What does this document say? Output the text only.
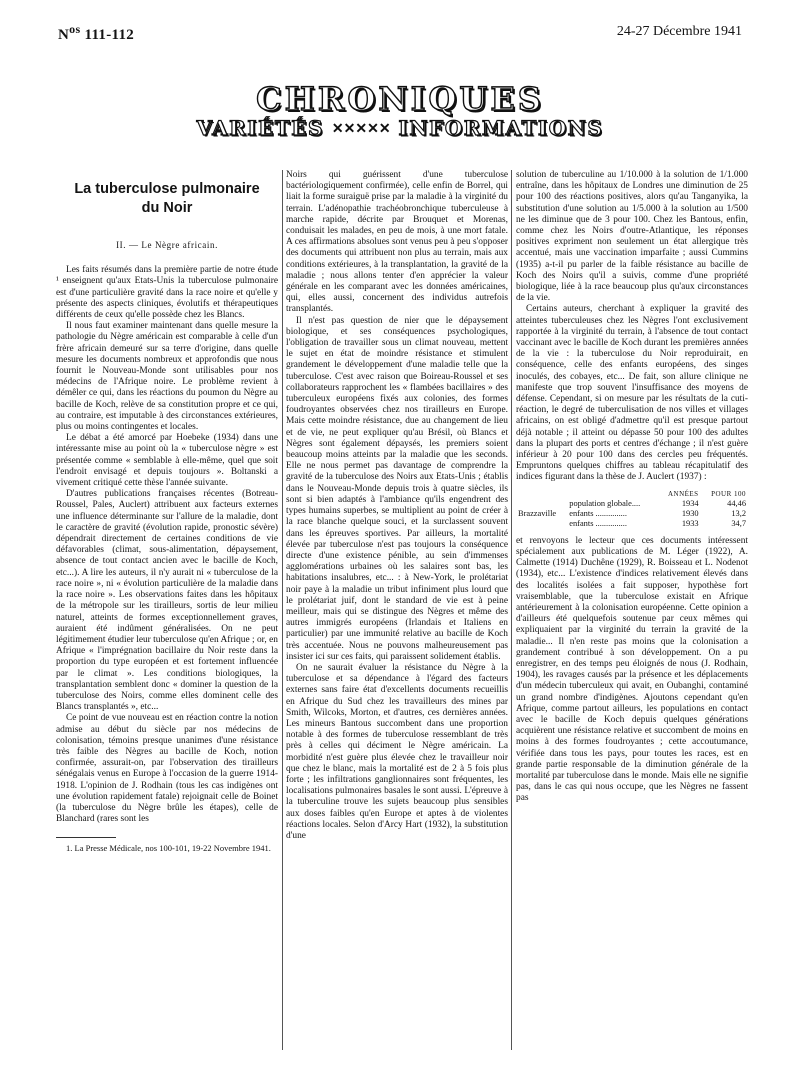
$N^{os}$ 111-112	24-27 Décembre 1941
CHRONIQUES
VARIÉTÉS ✕✕✕✕✕ INFORMATIONS
La tuberculose pulmonaire
du Noir
II. — Le Nègre africain.

Les faits résumés dans la première partie de notre étude ¹ enseignent qu'aux Etats-Unis la tuberculose pulmonaire est d'une particulière gravité dans la race noire et qu'elle y présente des aspects cliniques, évolutifs et thérapeutiques différents de ceux qu'elle possède chez les Blancs.

Il nous faut examiner maintenant dans quelle mesure la pathologie du Nègre américain est comparable à celle d'un frère africain demeuré sur sa terre d'origine, dans quelle mesure les documents nombreux et approfondis que nous fournit le Nouveau-Monde sont utilisables pour nos médecins de l'Afrique noire. Le problème revient à démêler ce qui, dans les réactions du poumon du Nègre au bacille de Koch, relève de sa constitution propre et ce qui, au contraire, est imputable à des circonstances extérieures, plus ou moins contingentes et locales.

Le débat a été amorcé par Hoebeke (1934) dans une intéressante mise au point où la « tuberculose nègre » est présentée comme « semblable à elle-même, quel que soit l'endroit envisagé et depuis toujours ». Boltanski a vivement critiqué cette thèse l'année suivante.

D'autres publications françaises récentes (Botreau-Roussel, Pales, Auclert) attribuent aux facteurs externes une influence déterminante sur l'allure de la maladie, dont le caractère de gravité (évolution rapide, pronostic sévère) dépendrait directement de certaines conditions de vie défavorables (climat, sous-alimentation, dépaysement, absence de tout contact ancien avec le bacille de Koch, etc...). A lire les auteurs, il n'y aurait ni « tuberculose de la race noire », ni « évolution particulière de la maladie dans la race noire ». Les observations faites dans les hôpitaux de la métropole sur les tirailleurs, sortis de leur milieu naturel, atteints de formes exceptionnellement graves, auraient été indûment généralisées. On ne peut légitimement étudier leur tuberculose qu'en Afrique ; or, en Afrique « l'imprégnation bacillaire du Noir reste dans la proportion du type européen et est fortement influencée par le climat ». Les conditions biologiques, la transplantation semblent donc « dominer la question de la tuberculose des Noirs, comme elles dominent celle des Blancs transplantés », etc...

Ce point de vue nouveau est en réaction contre la notion admise au début du siècle par nos médecins de colonisation, témoins presque unanimes d'une résistance très faible des Nègres au bacille de Koch, notion confirmée, assurait-on, par l'observation des tirailleurs sénégalais venus en Europe à l'occasion de la guerre 1914-1918. L'opinion de J. Rodhain (tous les cas indigènes ont une évolution rapidement fatale) rejoignait celle de Boinet (la tuberculose du Nègre brûle les étapes), celle de Blanchard (rares sont les

1. La Presse Médicale, nos 100-101, 19-22 Novembre 1941.

Noirs qui guérissent d'une tuberculose bactériologiquement confirmée), celle enfin de Borrel, qui liait la forme suraiguë prise par la maladie à la virginité du terrain. L'adénopathie trachéobronchique tuberculeuse à marche rapide, décrite par Brouquet et Morenas, conduisait les malades, en peu de mois, à une mort fatale. A ces affirmations absolues sont venus peu à peu s'opposer des documents qui attribuent non plus au terrain, mais aux conditions extérieures, à la transplantation, la gravité de la maladie ; nous allons tenter d'en apprécier la valeur générale en les comparant avec les données américaines, qui, elles aussi, concernent des individus autrefois transplantés.

Il n'est pas question de nier que le dépaysement biologique, et ses conséquences psychologiques, l'obligation de travailler sous un climat nouveau, mettent le sujet en état de moindre résistance et stimulent grandement le développement d'une maladie telle que la tuberculose. C'est avec raison que Boireau-Roussel et ses collaborateurs rapprochent les « flambées bacillaires » des tuberculeux européens fixés aux colonies, des formes foudroyantes observées chez nos tirailleurs en Europe. Mais cette moindre résistance, due au changement de lieu et de vie, ne peut expliquer qu'au Brésil, où Blancs et Nègres sont également dépaysés, les premiers soient beaucoup moins atteints par la maladie que les seconds. Elle ne nous permet pas davantage de comprendre la gravité de la tuberculose des Noirs aux Etats-Unis ; établis dans le Nouveau-Monde depuis trois à quatre siècles, ils sont si bien adaptés à l'ambiance qu'ils engendrent des types humains superbes, se multiplient au point de créer à la race blanche quelque souci, et la surclassent souvent dans les épreuves sportives. Par ailleurs, la mortalité élevée par tuberculose n'est pas toujours la conséquence directe d'une existence pénible, au sein d'immenses agglomérations urbaines où les salaires sont bas, les habitations insalubres, etc... : à New-York, le prolétariat noir paye à la maladie un tribut infiniment plus lourd que le prolétariat juif, dont le standard de vie est à peine meilleur, mais qui se distingue des Nègres et même des autres immigrés européens (Irlandais et Italiens en particulier) par une immunité relative au bacille de Koch très accentuée. Nous ne pouvons malheureusement pas insister ici sur ces faits, qui paraissent solidement établis.

On ne saurait évaluer la résistance du Nègre à la tuberculose et sa dépendance à l'égard des facteurs externes sans faire état d'excellents documents recueillis en Afrique du Sud chez les travailleurs des mines par Smith, Wilcoks, Morton, et d'autres, ces dernières années. Les mineurs Bantous succombent dans une proportion notable à des formes de tuberculose ressemblant de très près à celles qui déciment le Nègre américain. La morbidité n'est guère plus élevée chez le travailleur noir que chez le blanc, mais la mortalité est de 2 à 5 fois plus forte ; les infiltrations ganglionnaires sont fréquentes, les localisations pulmonaires basales le sont aussi. L'épreuve à la tuberculine trouve les sujets beaucoup plus sensibles aux doses faibles qu'en Europe et aptes à de violentes réactions locales. Selon d'Arcy Hart (1932), la substitution d'une

solution de tuberculine au 1/10.000 à la solution de 1/1.000 entraîne, dans les hôpitaux de Londres une diminution de 25 pour 100 des réactions positives, alors qu'au Tanganyika, la substitution d'une solution au 1/5.000 à la solution au 1/500 ne les diminue que de 3 pour 100. Chez les Bantous, enfin, comme chez les Noirs d'outre-Atlantique, les réponses positives expriment non seulement un état allergique très accentué, mais une vaccination imparfaite ; aussi Cummins (1935) a-t-il pu parler de la faible résistance au bacille de Koch des Noirs qu'il a suivis, comme d'une propriété biologique, liée à la race beaucoup plus qu'aux circonstances de la vie.

Certains auteurs, cherchant à expliquer la gravité des atteintes tuberculeuses chez les Nègres l'ont exclusivement rapportée à la virginité du terrain, à l'absence de tout contact vaccinant avec le bacille de Koch durant les premières années de la vie : la tuberculose du Noir reproduirait, en conséquence, celle des enfants européens, des singes inoculés, des cobayes, etc... De fait, son allure clinique ne manifeste que trop souvent l'insuffisance des moyens de défense. Cependant, si on mesure par les résultats de la cuti-réaction, le degré de tuberculisation de nos villes et villages africains, on est obligé d'admettre qu'il est presque partout déjà notable ; il atteint ou dépasse 50 pour 100 des adultes dans la plupart des ports et centres d'échange ; il n'est guère inférieur à 20 pour 100 dans des cercles peu fréquentés. Empruntons quelques chiffres au tableau récapitulatif des indices figurant dans la thèse de J. Auclert (1937) :

		ANNÉES	POUR 100
Brazzaville	population globale....	1934	44,46
	enfants ...............	1930	13,2
	enfants ...............	1933	34,7

et renvoyons le lecteur que ces documents intéressent spécialement aux publications de M. Léger (1922), A. Calmette (1914) Duchêne (1929), R. Boisseau et L. Nodenot (1934), etc... L'existence d'indices relativement élevés dans des localités isolées a fait supposer, hypothèse fort vraisemblable, que la tuberculose existait en Afrique antérieurement à la colonisation européenne. Cette opinion a d'ailleurs été quelquefois soutenue par ceux mêmes qui expliquaient par la virginité du terrain la gravité de la maladie... Il n'en reste pas moins que la colonisation a grandement contribué à son développement. On a pu enregistrer, en des temps peu éloignés de nous (J. Rodhain, 1904), les ravages causés par la présence et les déplacements d'un médecin tuberculeux qui avait, en Oubanghi, contaminé un grand nombre d'indigènes. Ajoutons cependant qu'en Afrique, comme partout ailleurs, les populations en contact avec le bacille de Koch depuis quelques générations acquièrent une résistance relative et succombent de moins en moins à des formes foudroyantes ; cette accoutumance, vérifiée dans tous les pays, pour toutes les races, est en grande partie responsable de la diminution générale de la mortalité par tuberculose dans le monde. Mais elle ne signifie pas, dans le cas qui nous occupe, que les Nègres ne fassent pas
